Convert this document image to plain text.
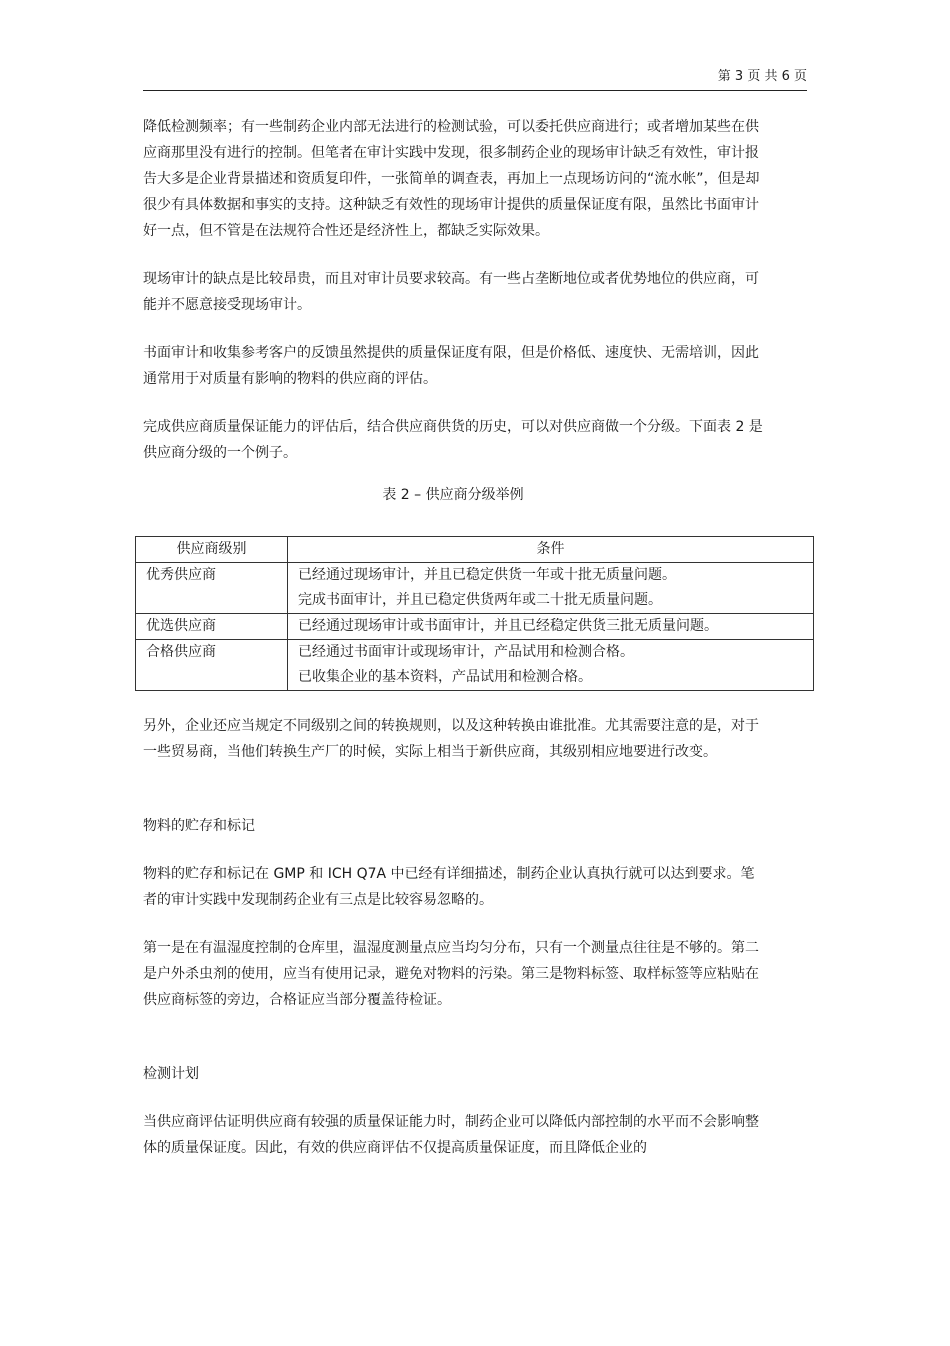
第 3 页 共 6 页

降低检测频率；有一些制药企业内部无法进行的检测试验，可以委托供应商进行；或者增加某些在供应商那里没有进行的控制。但笔者在审计实践中发现，很多制药企业的现场审计缺乏有效性，审计报告大多是企业背景描述和资质复印件，一张简单的调查表，再加上一点现场访问的“流水帐”，但是却很少有具体数据和事实的支持。这种缺乏有效性的现场审计提供的质量保证度有限，虽然比书面审计好一点，但不管是在法规符合性还是经济性上，都缺乏实际效果。

现场审计的缺点是比较昂贵，而且对审计员要求较高。有一些占垄断地位或者优势地位的供应商，可能并不愿意接受现场审计。

书面审计和收集参考客户的反馈虽然提供的质量保证度有限，但是价格低、速度快、无需培训，因此通常用于对质量有影响的物料的供应商的评估。

完成供应商质量保证能力的评估后，结合供应商供货的历史，可以对供应商做一个分级。下面表 2 是供应商分级的一个例子。

表 2 – 供应商分级举例

供应商级别	条件
优秀供应商	已经通过现场审计，并且已稳定供货一年或十批无质量问题。

完成书面审计，并且已稳定供货两年或二十批无质量问题。

优选供应商	已经通过现场审计或书面审计，并且已经稳定供货三批无质量问题。

合格供应商	已经通过书面审计或现场审计，产品试用和检测合格。

已收集企业的基本资料，产品试用和检测合格。

另外，企业还应当规定不同级别之间的转换规则，以及这种转换由谁批准。尤其需要注意的是，对于一些贸易商，当他们转换生产厂的时候，实际上相当于新供应商，其级别相应地要进行改变。

物料的贮存和标记

物料的贮存和标记在 GMP 和 ICH Q7A 中已经有详细描述，制药企业认真执行就可以达到要求。笔者的审计实践中发现制药企业有三点是比较容易忽略的。

第一是在有温湿度控制的仓库里，温湿度测量点应当均匀分布，只有一个测量点往往是不够的。第二是户外杀虫剂的使用，应当有使用记录，避免对物料的污染。第三是物料标签、取样标签等应粘贴在供应商标签的旁边，合格证应当部分覆盖待检证。

检测计划

当供应商评估证明供应商有较强的质量保证能力时，制药企业可以降低内部控制的水平而不会影响整体的质量保证度。因此，有效的供应商评估不仅提高质量保证度，而且降低企业的
